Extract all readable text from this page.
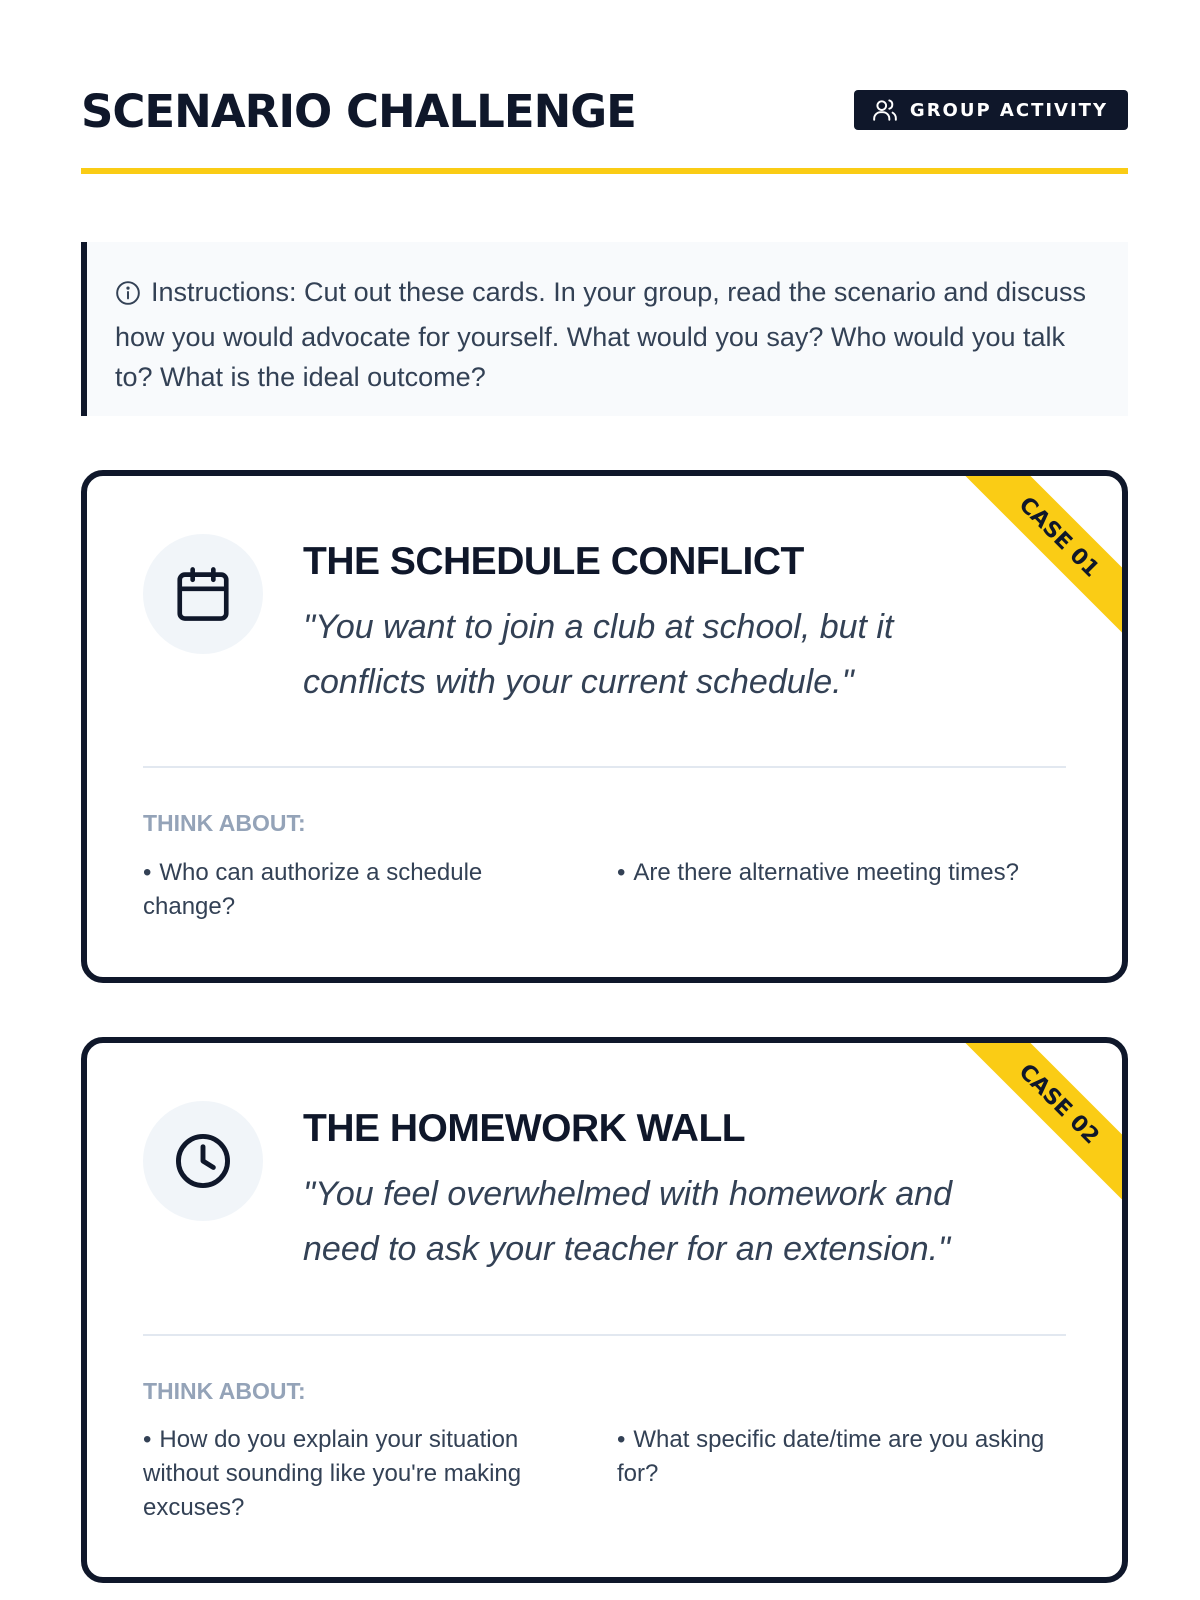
SCENARIO CHALLENGE	GROUP ACTIVITY

Instructions: Cut out these cards. In your group, read the scenario and discuss how you would advocate for yourself. What would you say? Who would you talk to? What is the ideal outcome?

CASE 01
THE SCHEDULE CONFLICT

"You want to join a club at school, but it conflicts with your current schedule."

THINK ABOUT:

• Who can authorize a schedule change?

• Are there alternative meeting times?

CASE 02
THE HOMEWORK WALL

"You feel overwhelmed with homework and need to ask your teacher for an extension."

THINK ABOUT:

• How do you explain your situation without sounding like you're making excuses?

• What specific date/time are you asking for?
